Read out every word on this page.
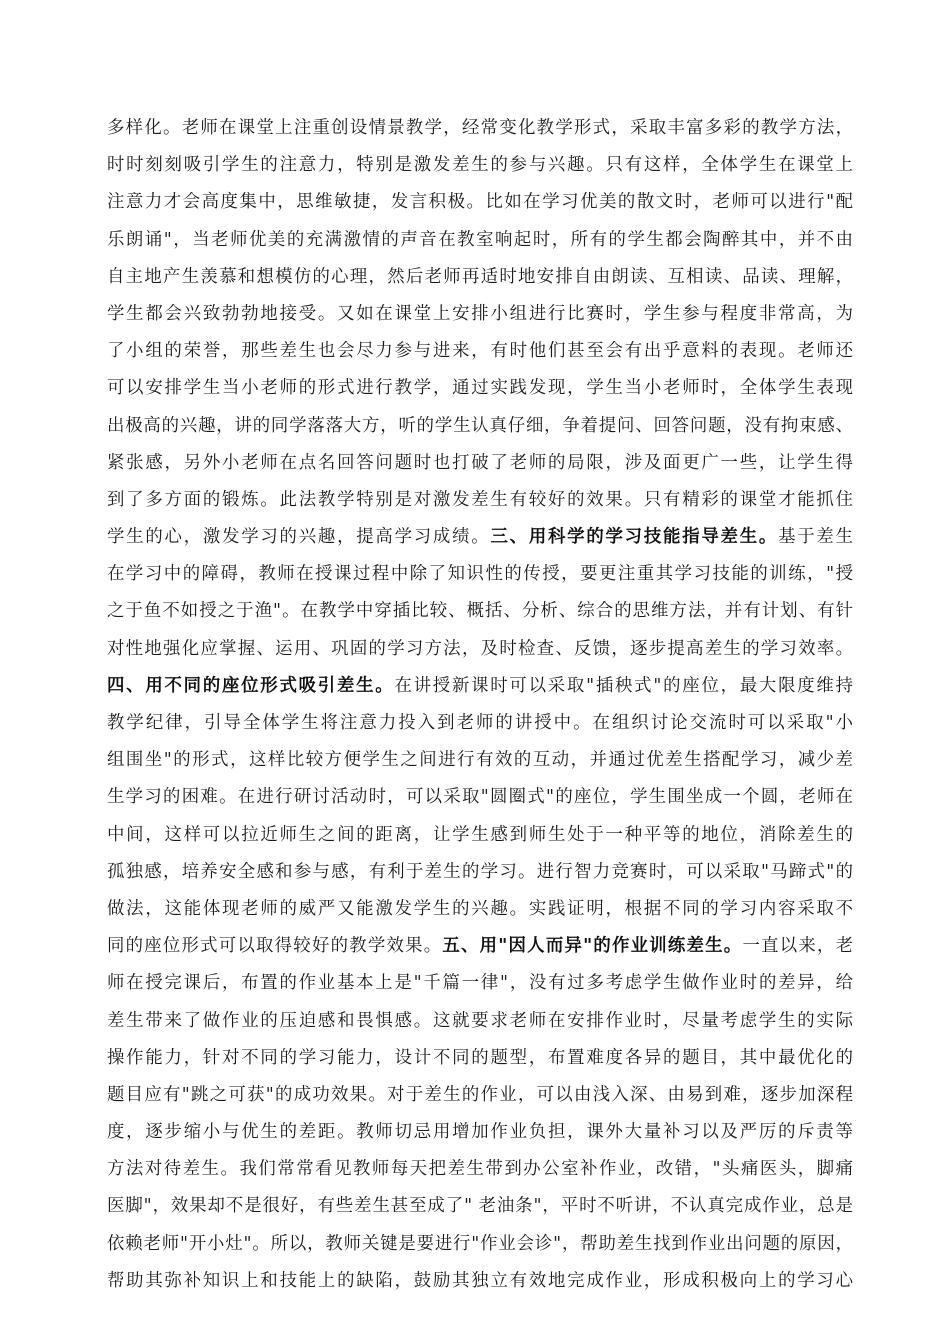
多样化。老师在课堂上注重创设情景教学，经常变化教学形式，采取丰富多彩的教学方法，
时时刻刻吸引学生的注意力，特别是激发差生的参与兴趣。只有这样，全体学生在课堂上
注意力才会高度集中，思维敏捷，发言积极。比如在学习优美的散文时，老师可以进行"配
乐朗诵"，当老师优美的充满激情的声音在教室响起时，所有的学生都会陶醉其中，并不由
自主地产生羡慕和想模仿的心理，然后老师再适时地安排自由朗读、互相读、品读、理解，
学生都会兴致勃勃地接受。又如在课堂上安排小组进行比赛时，学生参与程度非常高，为
了小组的荣誉，那些差生也会尽力参与进来，有时他们甚至会有出乎意料的表现。老师还
可以安排学生当小老师的形式进行教学，通过实践发现，学生当小老师时，全体学生表现
出极高的兴趣，讲的同学落落大方，听的学生认真仔细，争着提问、回答问题，没有拘束感、
紧张感，另外小老师在点名回答问题时也打破了老师的局限，涉及面更广一些，让学生得
到了多方面的锻炼。此法教学特别是对激发差生有较好的效果。只有精彩的课堂才能抓住
学生的心，激发学习的兴趣，提高学习成绩。三、用科学的学习技能指导差生。基于差生
在学习中的障碍，教师在授课过程中除了知识性的传授，要更注重其学习技能的训练，"授
之于鱼不如授之于渔"。在教学中穿插比较、概括、分析、综合的思维方法，并有计划、有针
对性地强化应掌握、运用、巩固的学习方法，及时检查、反馈，逐步提高差生的学习效率。
四、用不同的座位形式吸引差生。在讲授新课时可以采取"插秧式"的座位，最大限度维持
教学纪律，引导全体学生将注意力投入到老师的讲授中。在组织讨论交流时可以采取"小
组围坐"的形式，这样比较方便学生之间进行有效的互动，并通过优差生搭配学习，减少差
生学习的困难。在进行研讨活动时，可以采取"圆圈式"的座位，学生围坐成一个圆，老师在
中间，这样可以拉近师生之间的距离，让学生感到师生处于一种平等的地位，消除差生的
孤独感，培养安全感和参与感，有利于差生的学习。进行智力竞赛时，可以采取"马蹄式"的
做法，这能体现老师的威严又能激发学生的兴趣。实践证明，根据不同的学习内容采取不
同的座位形式可以取得较好的教学效果。五、用"因人而异"的作业训练差生。一直以来，老
师在授完课后，布置的作业基本上是"千篇一律"，没有过多考虑学生做作业时的差异，给
差生带来了做作业的压迫感和畏惧感。这就要求老师在安排作业时，尽量考虑学生的实际
操作能力，针对不同的学习能力，设计不同的题型，布置难度各异的题目，其中最优化的
题目应有"跳之可获"的成功效果。对于差生的作业，可以由浅入深、由易到难，逐步加深程
度，逐步缩小与优生的差距。教师切忌用增加作业负担，课外大量补习以及严厉的斥责等
方法对待差生。我们常常看见教师每天把差生带到办公室补作业，改错，"头痛医头，脚痛
医脚"，效果却不是很好，有些差生甚至成了" 老油条"，平时不听讲，不认真完成作业，总是
依赖老师"开小灶"。所以，教师关键是要进行"作业会诊"，帮助差生找到作业出问题的原因，
帮助其弥补知识上和技能上的缺陷，鼓励其独立有效地完成作业，形成积极向上的学习心
